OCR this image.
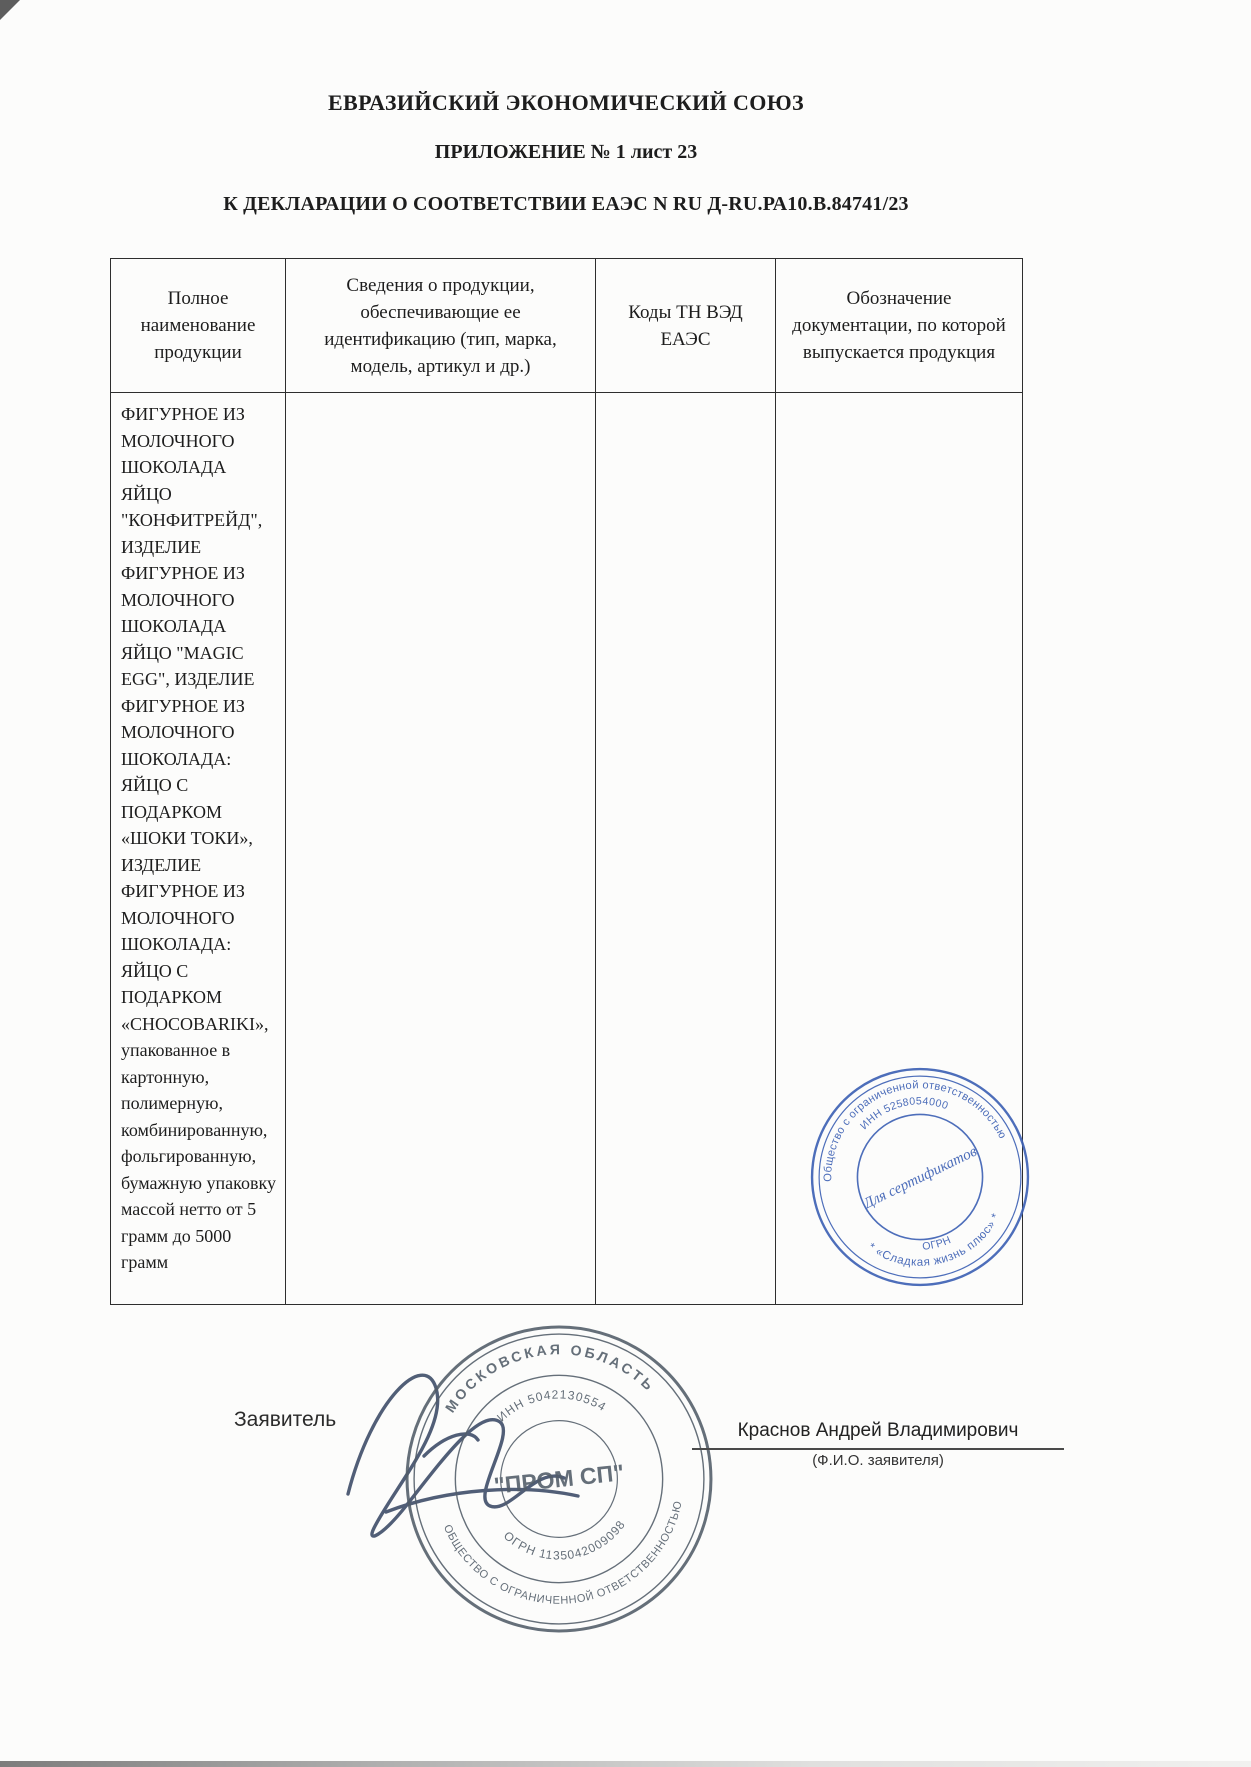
ЕВРАЗИЙСКИЙ ЭКОНОМИЧЕСКИЙ СОЮЗ
ПРИЛОЖЕНИЕ № 1 лист 23
К ДЕКЛАРАЦИИ О СООТВЕТСТВИИ ЕАЭС N RU Д-RU.РА10.В.84741/23
Полное наименование продукции	Сведения о продукции, обеспечивающие ее идентификацию (тип, марка, модель, артикул и др.)	Коды ТН ВЭД ЕАЭС	Обозначение документации, по которой выпускается продукция

ФИГУРНОЕ ИЗ МОЛОЧНОГО ШОКОЛАДА ЯЙЦО "КОНФИТРЕЙД", ИЗДЕЛИЕ ФИГУРНОЕ ИЗ МОЛОЧНОГО ШОКОЛАДА ЯЙЦО "MAGIC EGG", ИЗДЕЛИЕ ФИГУРНОЕ ИЗ МОЛОЧНОГО ШОКОЛАДА: ЯЙЦО С ПОДАРКОМ «ШОКИ ТОКИ», ИЗДЕЛИЕ ФИГУРНОЕ ИЗ МОЛОЧНОГО ШОКОЛАДА: ЯЙЦО С ПОДАРКОМ «CHOCOBARIKI», упакованное в картонную, полимерную, комбинированную, фольгированную, бумажную упаковку массой нетто от 5 грамм до 5000 грамм

Общество с ограниченной ответственностью
* «Сладкая жизнь плюс» *
ИНН 5258054000
ОГРН
Для сертификатов
Заявитель
МОСКОВСКАЯ ОБЛАСТЬ
ОБЩЕСТВО С ОГРАНИЧЕННОЙ ОТВЕТСТВЕННОСТЬЮ
ИНН 5042130554
ОГРН 1135042009098
"ПРОМ СП"
Краснов Андрей Владимирович
(Ф.И.О. заявителя)
